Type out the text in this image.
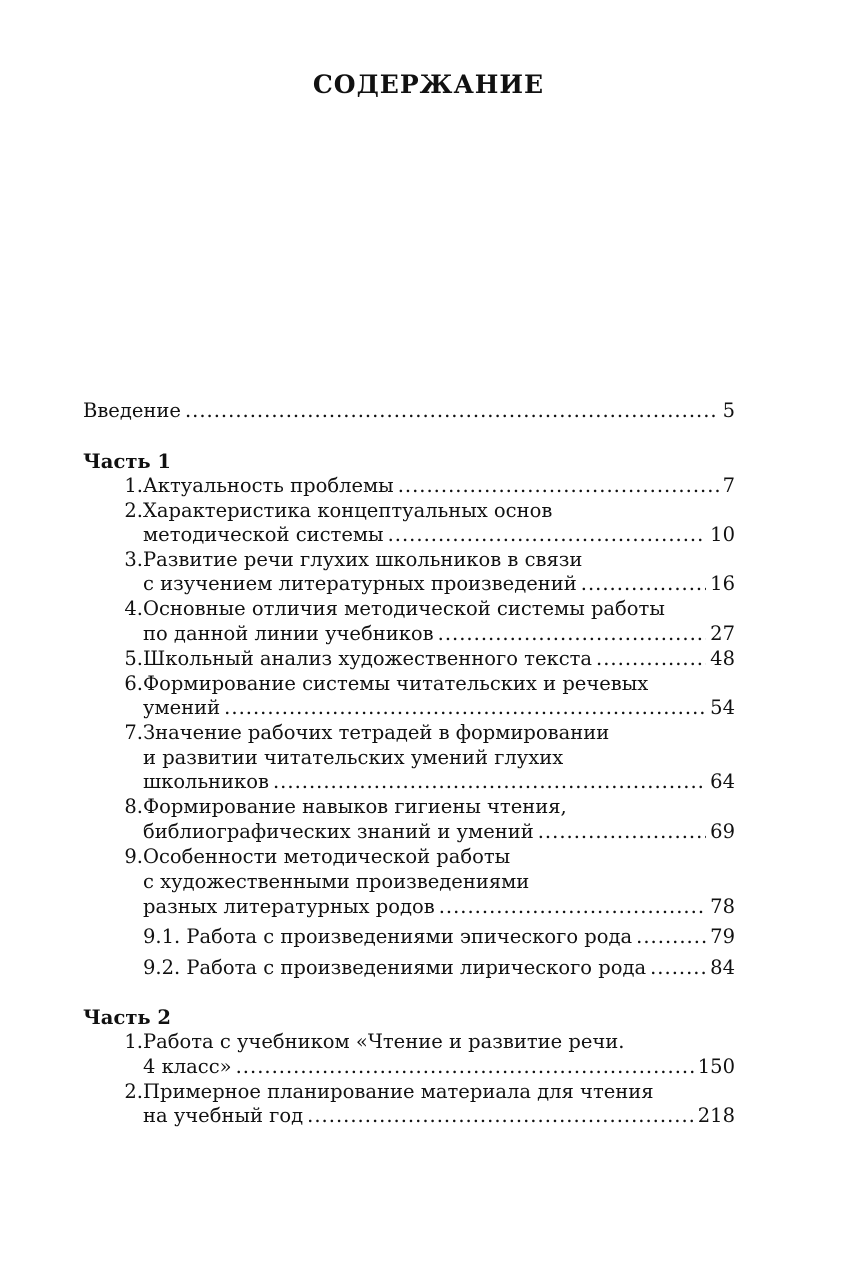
СОДЕРЖАНИЕ
Введение .....	5
Часть 1
1. Актуальность проблемы .....	7
2. Характеристика концептуальных основ
методической системы .....	10
3. Развитие речи глухих школьников в связи
с изучением литературных произведений .....	16
4. Основные отличия методической системы работы
по данной линии учебников .....	27
5. Школьный анализ художественного текста .....	48
6. Формирование системы читательских и речевых
умений .....	54
7. Значение рабочих тетрадей в формировании
и развитии читательских умений глухих
школьников .....	64
8. Формирование навыков гигиены чтения,
библиографических знаний и умений .....	69
9. Особенности методической работы
с художественными произведениями
разных литературных родов .....	78
9.1. Работа с произведениями эпического рода .....	79
9.2. Работа с произведениями лирического рода .....	84
Часть 2
1. Работа с учебником «Чтение и развитие речи.
4 класс» .....	150
2. Примерное планирование материала для чтения
на учебный год .....	218
